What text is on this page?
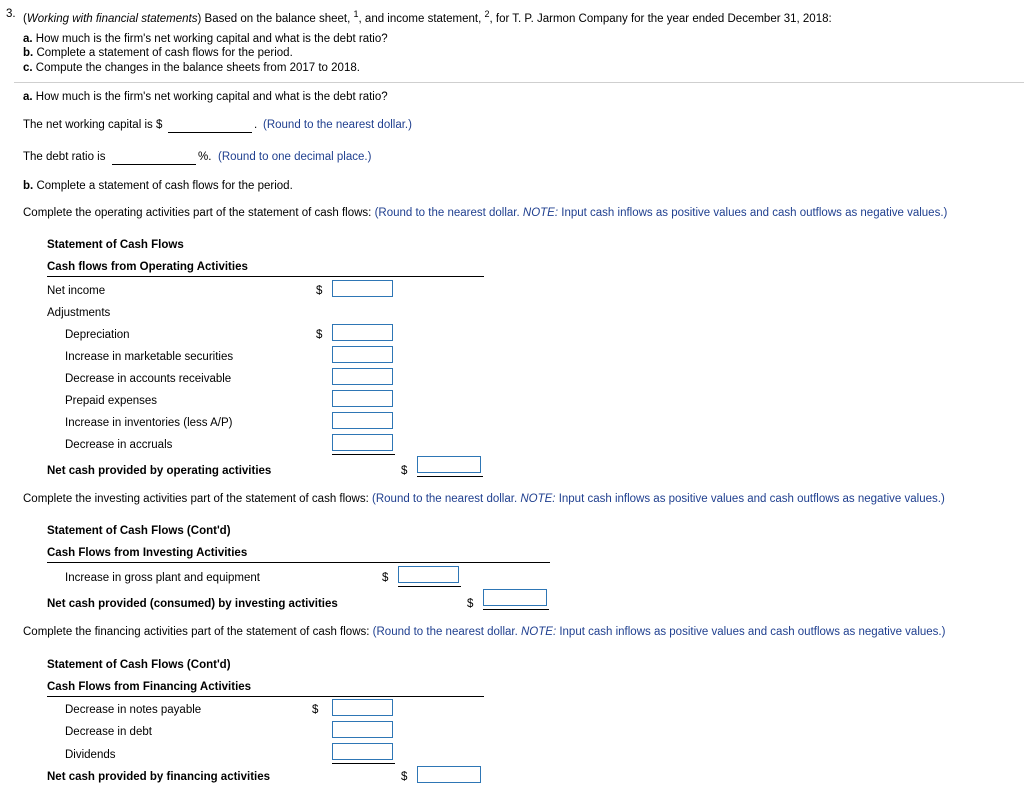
3. (Working with financial statements) Based on the balance sheet, $^1$, and income statement, $^2$, for T. P. Jarmon Company for the year ended December 31, 2018:
a. How much is the firm's net working capital and what is the debt ratio?
b. Complete a statement of cash flows for the period.
c. Compute the changes in the balance sheets from 2017 to 2018.
a. How much is the firm's net working capital and what is the debt ratio?
The net working capital is $	. (Round to the nearest dollar.)
The debt ratio is	%. (Round to one decimal place.)
b. Complete a statement of cash flows for the period.
Complete the operating activities part of the statement of cash flows: (Round to the nearest dollar. NOTE: Input cash inflows as positive values and cash outflows as negative values.)
Statement of Cash Flows
Cash flows from Operating Activities
Net income	$
Adjustments
Depreciation	$
Increase in marketable securities
Decrease in accounts receivable
Prepaid expenses
Increase in inventories (less A/P)
Decrease in accruals
Net cash provided by operating activities	$
Complete the investing activities part of the statement of cash flows: (Round to the nearest dollar. NOTE: Input cash inflows as positive values and cash outflows as negative values.)
Statement of Cash Flows (Cont'd)
Cash Flows from Investing Activities
Increase in gross plant and equipment	$
Net cash provided (consumed) by investing activities	$
Complete the financing activities part of the statement of cash flows: (Round to the nearest dollar. NOTE: Input cash inflows as positive values and cash outflows as negative values.)
Statement of Cash Flows (Cont'd)
Cash Flows from Financing Activities
Decrease in notes payable	$
Decrease in debt
Dividends
Net cash provided by financing activities	$
